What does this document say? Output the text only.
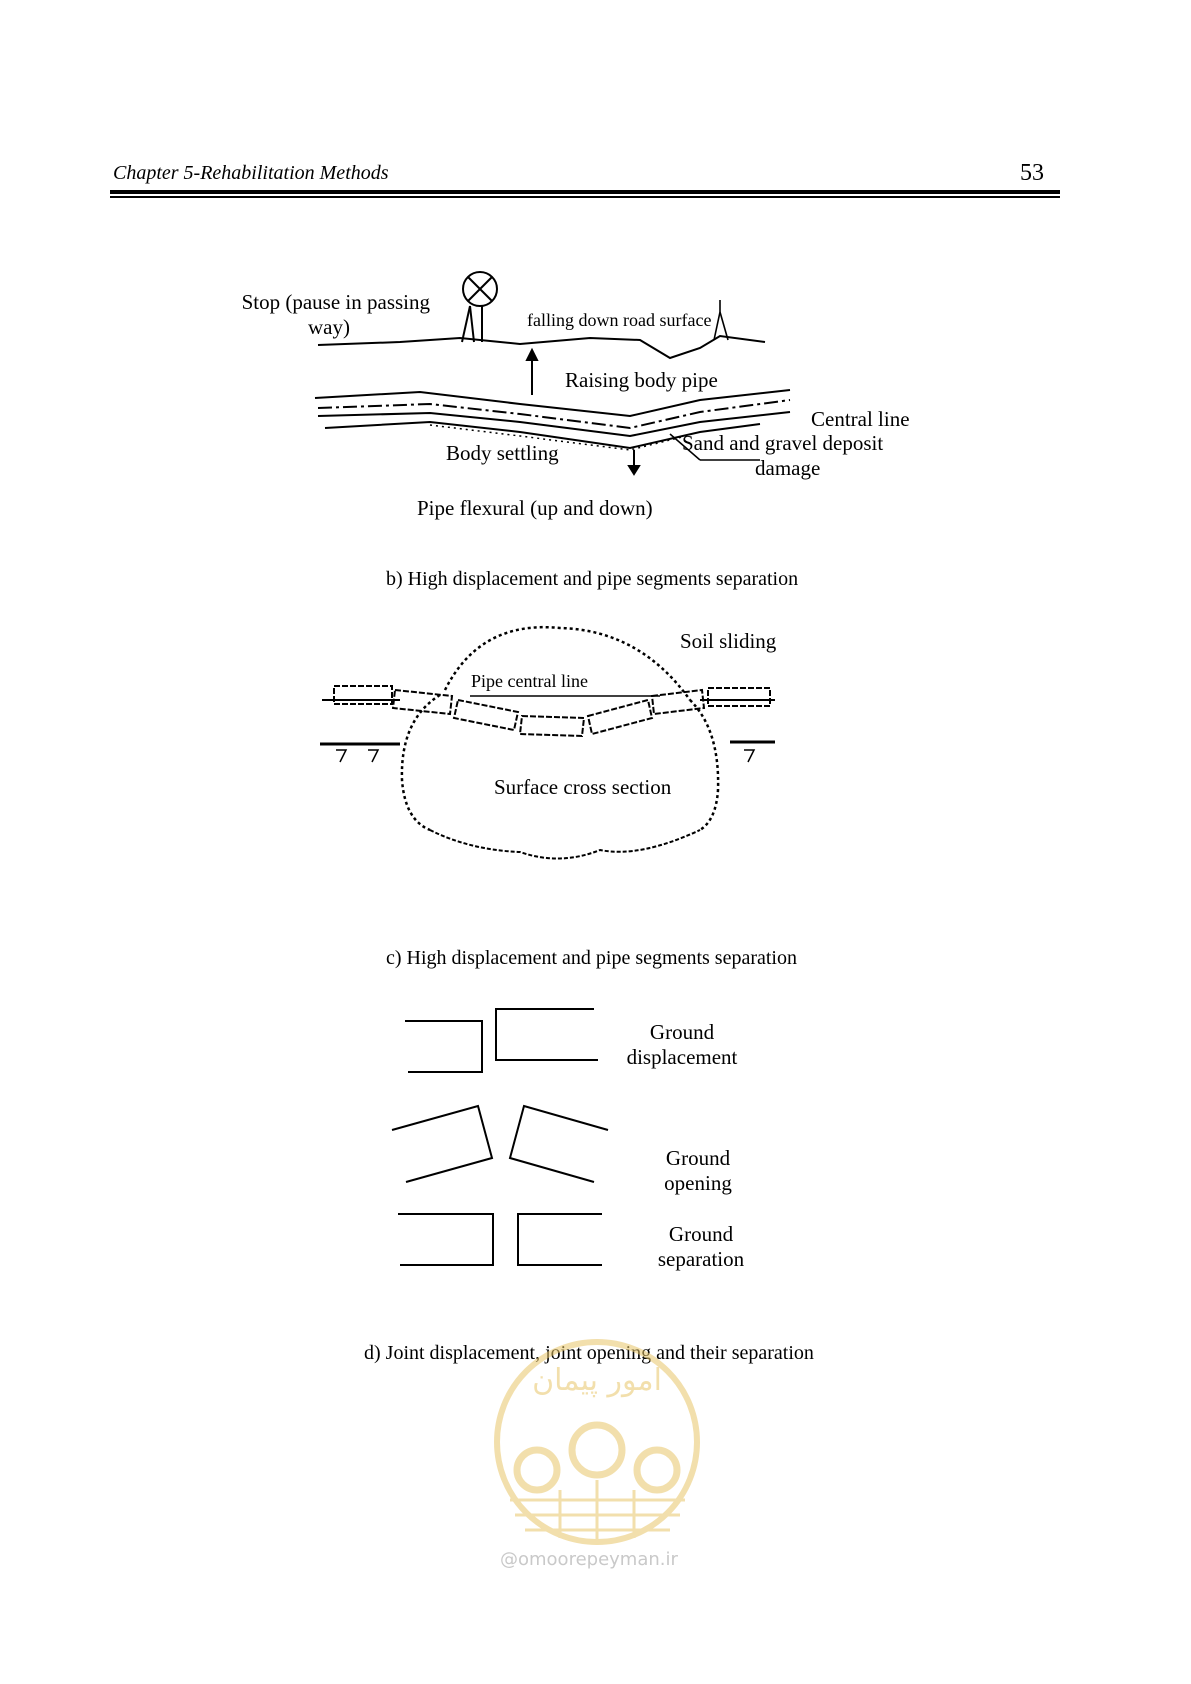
Chapter 5-Rehabilitation Methods	53
Stop (pause in passing
way)	falling down road surface
Raising body pipe
Central line
Sand and gravel deposit
damage
Body settling
Pipe flexural (up and down)
b) High displacement and pipe segments separation
Soil sliding
Pipe central line
Surface cross section
c) High displacement and pipe segments separation
Ground
displacement
Ground
opening
Ground
separation
d) Joint displacement, joint opening and their separation
امور پیمان
@omoorepeyman.ir
